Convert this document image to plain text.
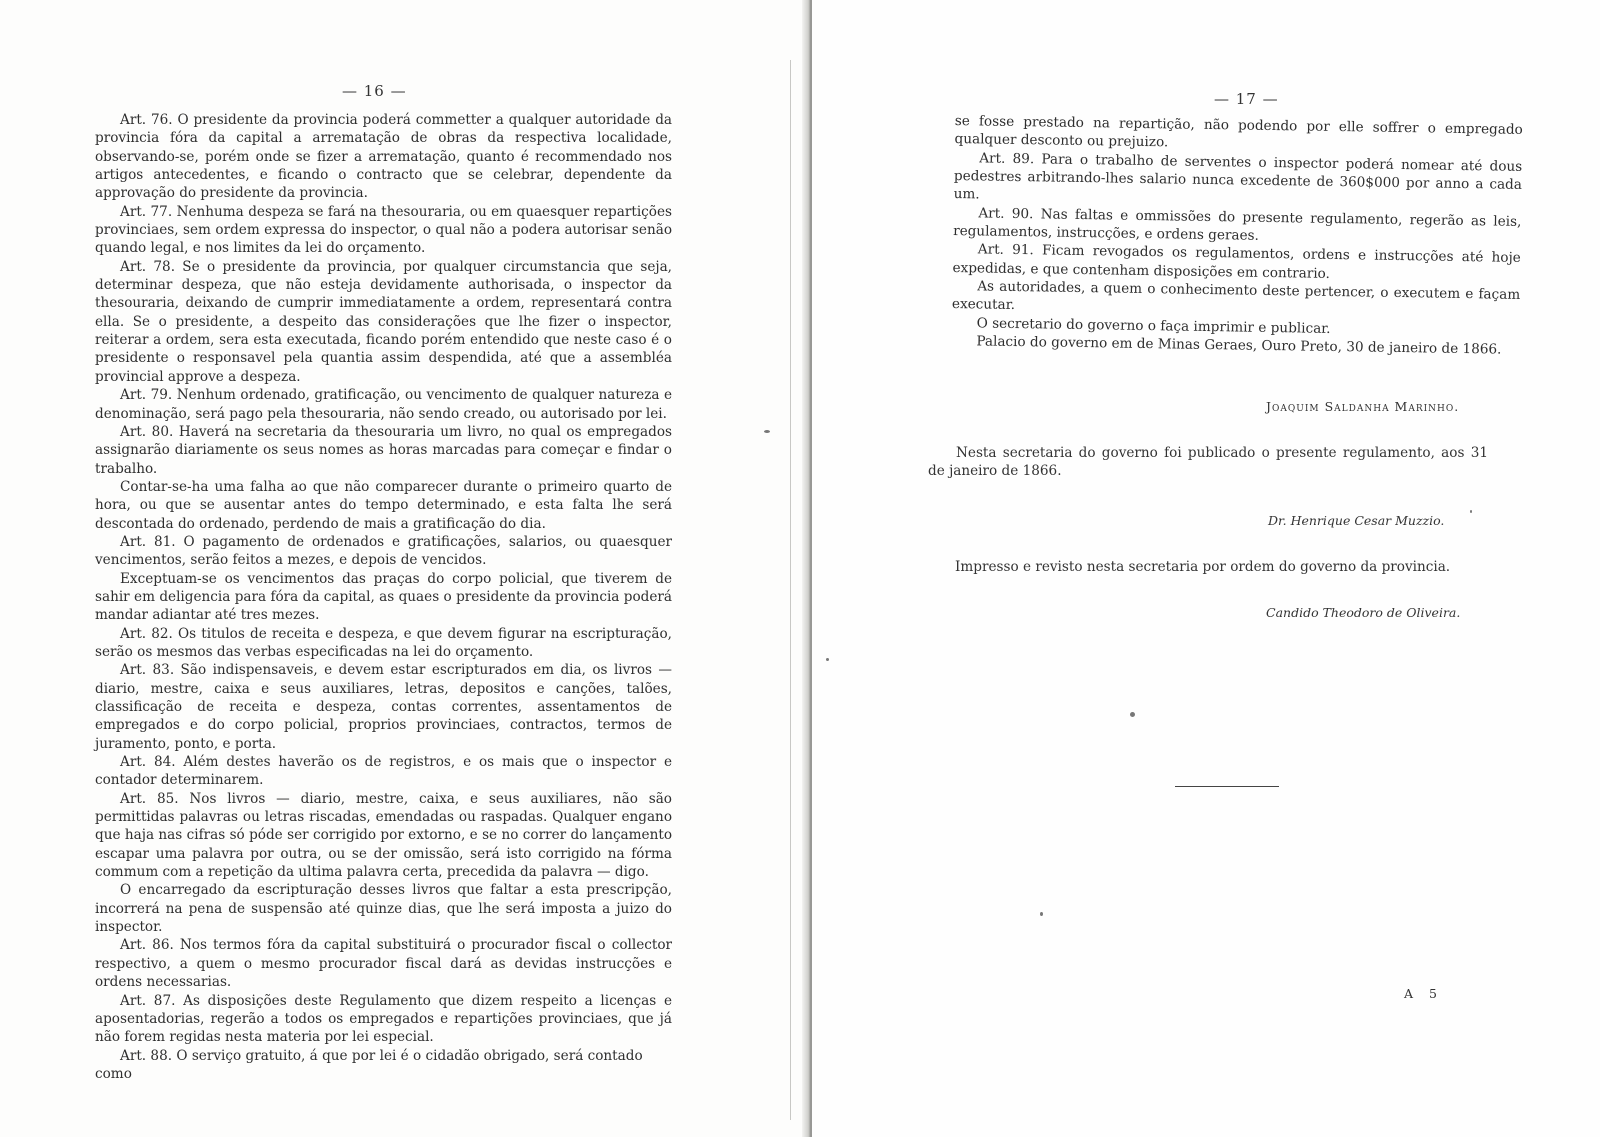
— 16 —

Art. 76. O presidente da provincia poderá commetter a qualquer autoridade da provincia fóra da capital a arrematação de obras da respectiva localidade, observando-se, porém onde se fizer a arrematação, quanto é recommendado nos artigos antecedentes, e ficando o contracto que se celebrar, dependente da approvação do presidente da provincia.

Art. 77. Nenhuma despeza se fará na thesouraria, ou em quaesquer repartições provinciaes, sem ordem expressa do inspector, o qual não a podera autorisar senão quando legal, e nos limites da lei do orçamento.

Art. 78. Se o presidente da provincia, por qualquer circumstancia que seja, determinar despeza, que não esteja devidamente authorisada, o inspector da thesouraria, deixando de cumprir immediatamente a ordem, representará contra ella. Se o presidente, a despeito das considerações que lhe fizer o inspector, reiterar a ordem, sera esta executada, ficando porém entendido que neste caso é o presidente o responsavel pela quantia assim despendida, até que a assembléa provincial approve a despeza.

Art. 79. Nenhum ordenado, gratificação, ou vencimento de qualquer natureza e denominação, será pago pela thesouraria, não sendo creado, ou autorisado por lei.

Art. 80. Haverá na secretaria da thesouraria um livro, no qual os empregados assignarão diariamente os seus nomes as horas marcadas para começar e findar o trabalho.

Contar-se-ha uma falha ao que não comparecer durante o primeiro quarto de hora, ou que se ausentar antes do tempo determinado, e esta falta lhe será descontada do ordenado, perdendo de mais a gratificação do dia.

Art. 81. O pagamento de ordenados e gratificações, salarios, ou quaesquer vencimentos, serão feitos a mezes, e depois de vencidos.

Exceptuam-se os vencimentos das praças do corpo policial, que tiverem de sahir em deligencia para fóra da capital, as quaes o presidente da provincia poderá mandar adiantar até tres mezes.

Art. 82. Os titulos de receita e despeza, e que devem figurar na escripturação, serão os mesmos das verbas especificadas na lei do orçamento.

Art. 83. São indispensaveis, e devem estar escripturados em dia, os livros — diario, mestre, caixa e seus auxiliares, letras, depositos e canções, talões, classificação de receita e despeza, contas correntes, assentamentos de empregados e do corpo policial, proprios provinciaes, contractos, termos de juramento, ponto, e porta.

Art. 84. Além destes haverão os de registros, e os mais que o inspector e contador determinarem.

Art. 85. Nos livros — diario, mestre, caixa, e seus auxiliares, não são permittidas palavras ou letras riscadas, emendadas ou raspadas. Qualquer engano que haja nas cifras só póde ser corrigido por extorno, e se no correr do lançamento escapar uma palavra por outra, ou se der omissão, será isto corrigido na fórma commum com a repetição da ultima palavra certa, precedida da palavra — digo.

O encarregado da escripturação desses livros que faltar a esta prescripção, incorrerá na pena de suspensão até quinze dias, que lhe será imposta a juizo do inspector.

Art. 86. Nos termos fóra da capital substituirá o procurador fiscal o collector respectivo, a quem o mesmo procurador fiscal dará as devidas instrucções e ordens necessarias.

Art. 87. As disposições deste Regulamento que dizem respeito a licenças e aposentadorias, regerão a todos os empregados e repartições provinciaes, que já não forem regidas nesta materia por lei especial.

Art. 88. O serviço gratuito, á que por lei é o cidadão obrigado, será contado como

— 17 —

se fosse prestado na repartição, não podendo por elle soffrer o empregado qualquer desconto ou prejuizo.

Art. 89. Para o trabalho de serventes o inspector poderá nomear até dous pedestres arbitrando-lhes salario nunca excedente de 360$000 por anno a cada um.

Art. 90. Nas faltas e ommissões do presente regulamento, regerão as leis, regulamentos, instrucções, e ordens geraes.

Art. 91. Ficam revogados os regulamentos, ordens e instrucções até hoje expedidas, e que contenham disposições em contrario.

As autoridades, a quem o conhecimento deste pertencer, o executem e façam executar.

O secretario do governo o faça imprimir e publicar.

Palacio do governo em de Minas Geraes, Ouro Preto, 30 de janeiro de 1866.

Joaquim Saldanha Marinho.
Nesta secretaria do governo foi publicado o presente regulamento, aos 31 de janeiro de 1866.
Dr. Henrique Cesar Muzzio.
Impresso e revisto nesta secretaria por ordem do governo da provincia.
Candido Theodoro de Oliveira.
A 5
